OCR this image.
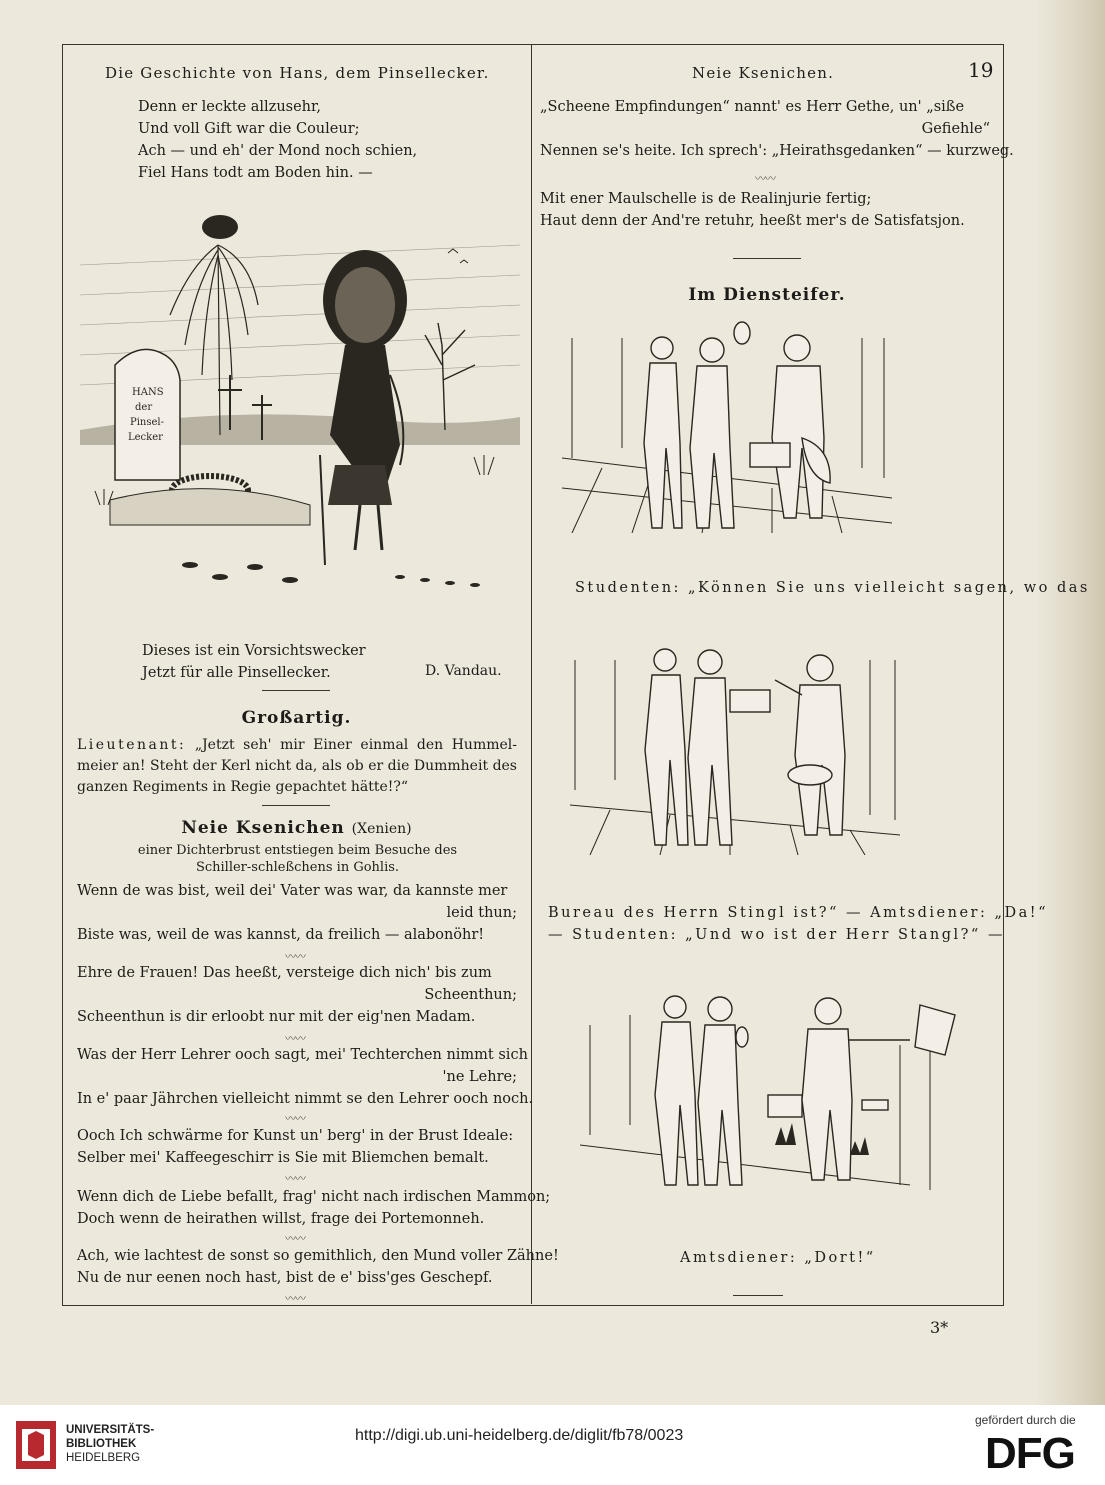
Die Geschichte von Hans, dem Pinsellecker.	Neie Ksenichen.	19
Denn er leckte allzusehr,
Und voll Gift war die Couleur;
Ach — und eh' der Mond noch schien,
Fiel Hans todt am Boden hin. —
HANS
der
Pinsel-
Lecker
Dieses ist ein Vorsichtswecker
Jetzt für alle Pinsellecker.	D. Vandau.
Großartig.
Lieutenant: „Jetzt seh' mir Einer einmal den Hummel-meier an! Steht der Kerl nicht da, als ob er die Dummheit des ganzen Regiments in Regie gepachtet hätte!?“
Neie Ksenichen (Xenien)
einer Dichterbrust entstiegen beim Besuche des Schiller-schleßchens in Gohlis.
Wenn de was bist, weil dei' Vater was war, da kannste mer
leid thun;
Biste was, weil de was kannst, da freilich — alabonöhr!
〰〰
Ehre de Frauen! Das heeßt, versteige dich nich' bis zum
Scheenthun;
Scheenthun is dir erloobt nur mit der eig'nen Madam.
〰〰
Was der Herr Lehrer ooch sagt, mei' Techterchen nimmt sich
'ne Lehre;
In e' paar Jährchen vielleicht nimmt se den Lehrer ooch noch.
〰〰
Ooch Ich schwärme for Kunst un' berg' in der Brust Ideale:
Selber mei' Kaffeegeschirr is Sie mit Bliemchen bemalt.
〰〰
Wenn dich de Liebe befallt, frag' nicht nach irdischen Mammon;
Doch wenn de heirathen willst, frage dei Portemonneh.
〰〰
Ach, wie lachtest de sonst so gemithlich, den Mund voller Zähne!
Nu de nur eenen noch hast, bist de e' biss'ges Geschepf.
〰〰
„Scheene Empfindungen“ nannt' es Herr Gethe, un' „siße
Gefiehle“
Nennen se's heite. Ich sprech': „Heirathsgedanken“ — kurzweg.
〰〰
Mit ener Maulschelle is de Realinjurie fertig;
Haut denn der And're retuhr, heeßt mer's de Satisfatsjon.
Im Diensteifer.
Studenten: „Können Sie uns vielleicht sagen, wo das
Bureau des Herrn Stingl ist?“ — Amtsdiener: „Da!“
— Studenten: „Und wo ist der Herr Stangl?“ —
Amtsdiener: „Dort!“
3*
UNIVERSITÄTS-
BIBLIOTHEK
HEIDELBERG
http://digi.ub.uni-heidelberg.de/diglit/fb78/0023
gefördert durch die
DFG
